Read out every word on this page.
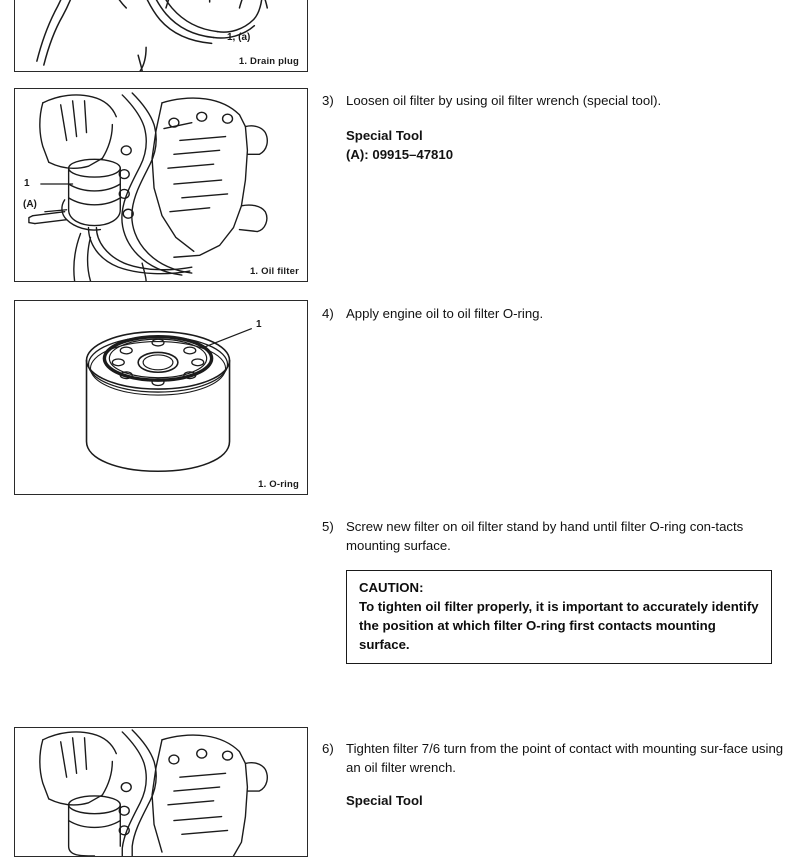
1, (a)
1. Drain plug
1
(A)
1. Oil filter
1
1. O-ring
3) Loosen oil filter by using oil filter wrench (special tool).
Special Tool
(A): 09915–47810
4) Apply engine oil to oil filter O-ring.
5) Screw new filter on oil filter stand by hand until filter O-ring con-tacts mounting surface.
CAUTION:
To tighten oil filter properly, it is important to accurately identify the position at which filter O-ring first contacts mounting surface.
6) Tighten filter 7/6 turn from the point of contact with mounting sur-face using an oil filter wrench.
Special Tool
